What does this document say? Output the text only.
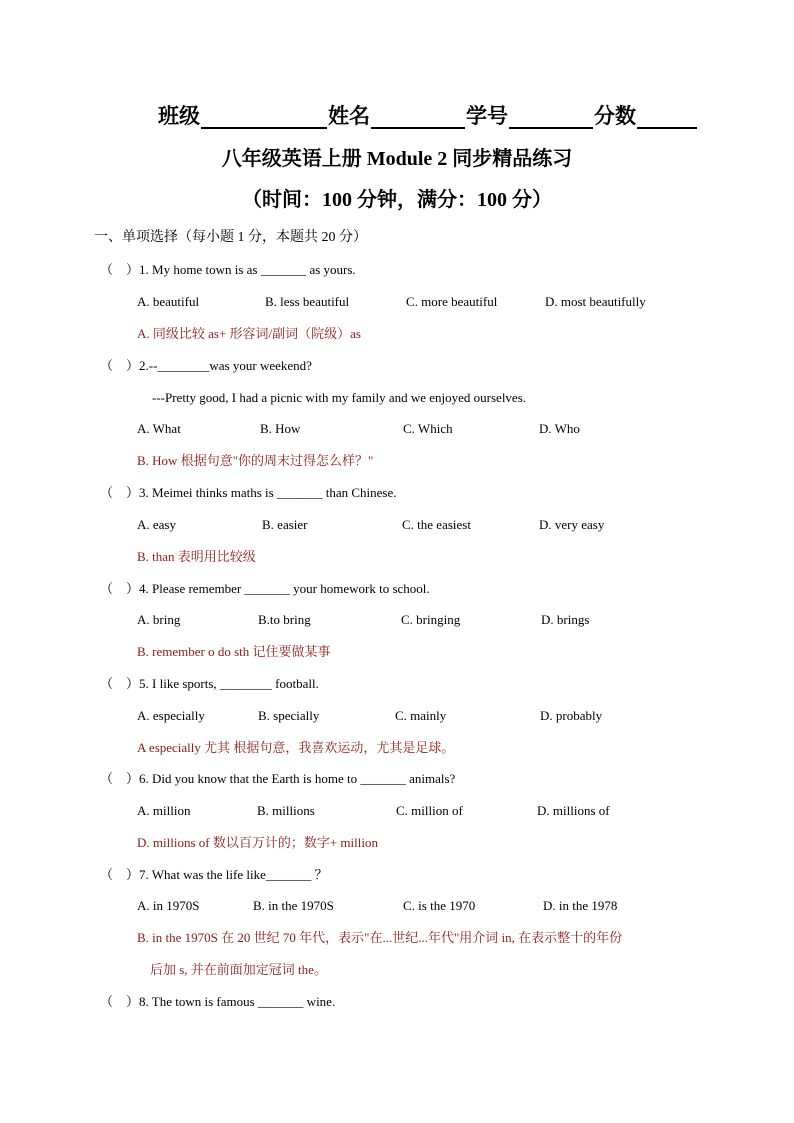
班级	姓名	学号	分数
八年级英语上册 Module 2 同步精品练习
（时间：100 分钟，满分：100 分）
一、单项选择（每小题 1 分，本题共 20 分）
（ ）1. My home town is as _______ as yours.
A. beautiful	B. less beautiful	C. more beautiful	D. most beautifully
A. 同级比较 as+ 形容词/副词（院级）as
（ ）2.--________was your weekend?
---Pretty good, I had a picnic with my family and we enjoyed ourselves.
A. What	B. How	C. Which	D. Who
B. How 根据句意"你的周末过得怎么样？"
（ ）3. Meimei thinks maths is _______ than Chinese.
A. easy	B. easier	C. the easiest	D. very easy
B. than 表明用比较级
（ ）4. Please remember _______ your homework to school.
A. bring	B.to bring	C. bringing	D. brings
B. remember o do sth 记住要做某事
（ ）5. I like sports, ________ football.
A. especially	B. specially	C. mainly	D. probably
A especially 尤其 根据句意，我喜欢运动，尤其是足球。
（ ）6. Did you know that the Earth is home to _______ animals?
A. million	B. millions	C. million of	D. millions of
D. millions of 数以百万计的；数字+ million
（ ）7. What was the life like_______ ？
A. in 1970S	B. in the 1970S	C. is the 1970	D. in the 1978
B. in the 1970S 在 20 世纪 70 年代，表示"在...世纪...年代"用介词 in, 在表示整十的年份
后加 s, 并在前面加定冠词 the。
（ ）8. The town is famous _______ wine.
